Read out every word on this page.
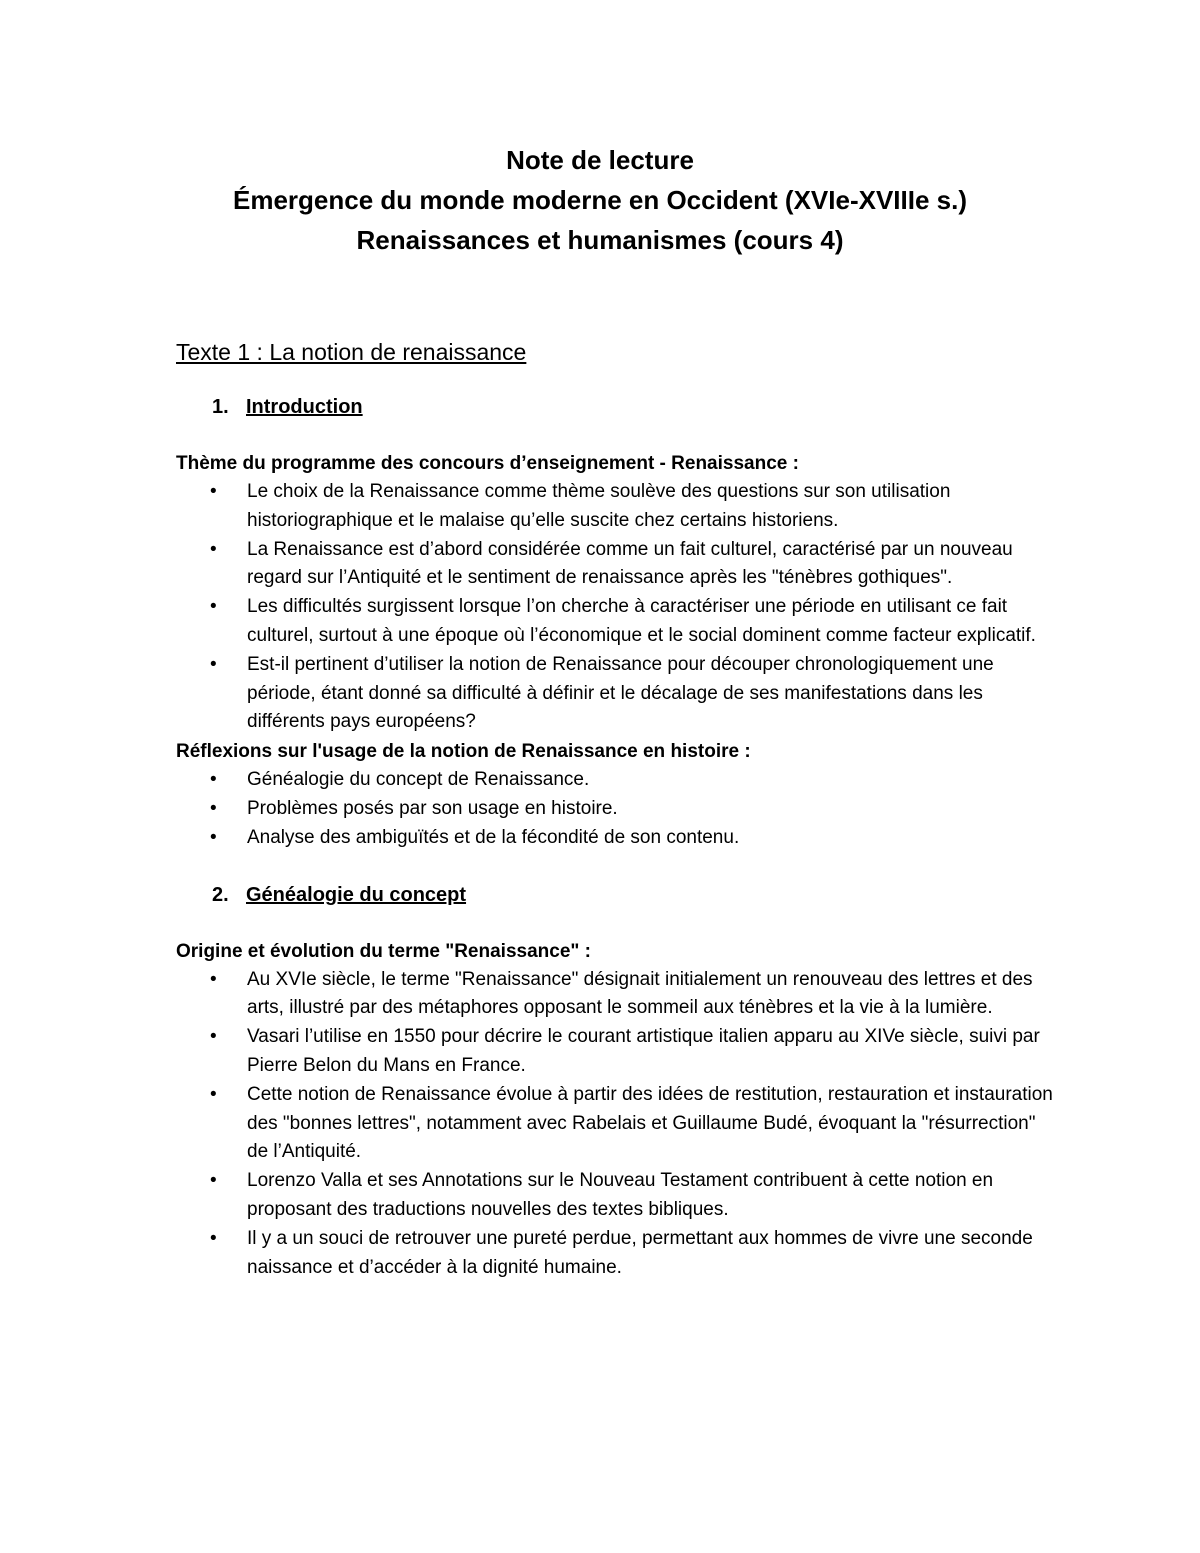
Note de lecture
Émergence du monde moderne en Occident (XVIe-XVIIIe s.)
Renaissances et humanismes (cours 4)
Texte 1 : La notion de renaissance
1. Introduction
Thème du programme des concours d’enseignement - Renaissance :
• Le choix de la Renaissance comme thème soulève des questions sur son utilisation historiographique et le malaise qu’elle suscite chez certains historiens.
• La Renaissance est d’abord considérée comme un fait culturel, caractérisé par un nouveau regard sur l’Antiquité et le sentiment de renaissance après les "ténèbres gothiques".
• Les difficultés surgissent lorsque l’on cherche à caractériser une période en utilisant ce fait culturel, surtout à une époque où l’économique et le social dominent comme facteur explicatif.
• Est-il pertinent d’utiliser la notion de Renaissance pour découper chronologiquement une période, étant donné sa difficulté à définir et le décalage de ses manifestations dans les différents pays européens?
Réflexions sur l'usage de la notion de Renaissance en histoire :
• Généalogie du concept de Renaissance.
• Problèmes posés par son usage en histoire.
• Analyse des ambiguïtés et de la fécondité de son contenu.
2. Généalogie du concept
Origine et évolution du terme "Renaissance" :
• Au XVIe siècle, le terme "Renaissance" désignait initialement un renouveau des lettres et des arts, illustré par des métaphores opposant le sommeil aux ténèbres et la vie à la lumière.
• Vasari l’utilise en 1550 pour décrire le courant artistique italien apparu au XIVe siècle, suivi par Pierre Belon du Mans en France.
• Cette notion de Renaissance évolue à partir des idées de restitution, restauration et instauration des "bonnes lettres", notamment avec Rabelais et Guillaume Budé, évoquant la "résurrection" de l’Antiquité.
• Lorenzo Valla et ses Annotations sur le Nouveau Testament contribuent à cette notion en proposant des traductions nouvelles des textes bibliques.
• Il y a un souci de retrouver une pureté perdue, permettant aux hommes de vivre une seconde naissance et d’accéder à la dignité humaine.
